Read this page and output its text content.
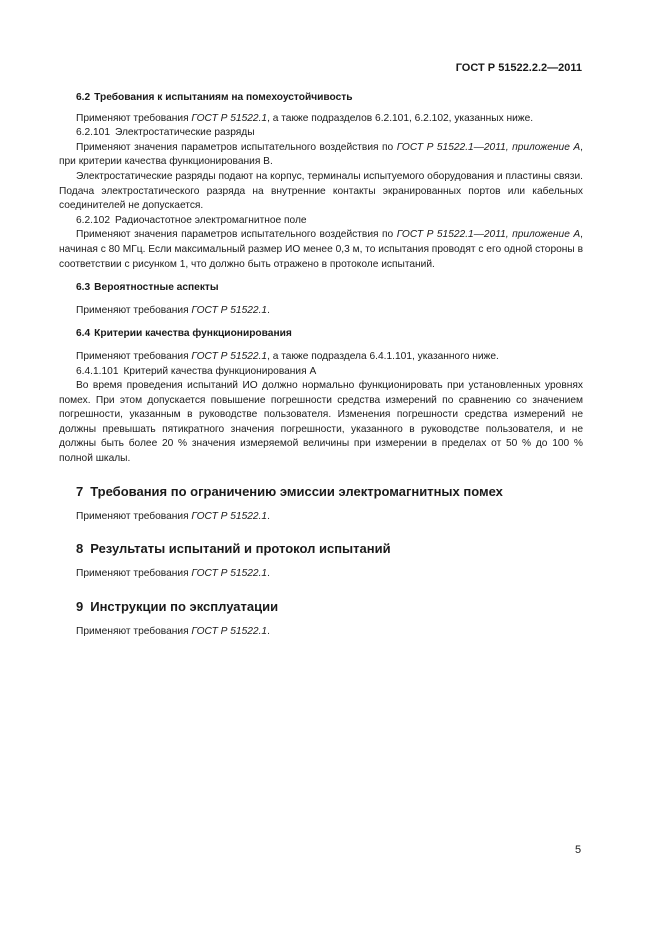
ГОСТ Р 51522.2.2—2011

6.2 Требования к испытаниям на помехоустойчивость

Применяют требования ГОСТ Р 51522.1, а также подразделов 6.2.101, 6.2.102, указанных ниже.

6.2.101 Электростатические разряды

Применяют значения параметров испытательного воздействия по ГОСТ Р 51522.1—2011, приложение А, при критерии качества функционирования В.

Электростатические разряды подают на корпус, терминалы испытуемого оборудования и пластины связи. Подача электростатического разряда на внутренние контакты экранированных портов или кабельных соединителей не допускается.

6.2.102 Радиочастотное электромагнитное поле

Применяют значения параметров испытательного воздействия по ГОСТ Р 51522.1—2011, приложение А, начиная с 80 МГц. Если максимальный размер ИО менее 0,3 м, то испытания проводят с его одной стороны в соответствии с рисунком 1, что должно быть отражено в протоколе испытаний.

6.3 Вероятностные аспекты

Применяют требования ГОСТ Р 51522.1.

6.4 Критерии качества функционирования

Применяют требования ГОСТ Р 51522.1, а также подраздела 6.4.1.101, указанного ниже.

6.4.1.101 Критерий качества функционирования А

Во время проведения испытаний ИО должно нормально функционировать при установленных уровнях помех. При этом допускается повышение погрешности средства измерений по сравнению со значением погрешности, указанным в руководстве пользователя. Изменения погрешности средства измерений не должны превышать пятикратного значения погрешности, указанного в руководстве пользователя, и не должны быть более 20 % значения измеряемой величины при измерении в пределах от 50 % до 100 % полной шкалы.

7 Требования по ограничению эмиссии электромагнитных помех

Применяют требования ГОСТ Р 51522.1.

8 Результаты испытаний и протокол испытаний

Применяют требования ГОСТ Р 51522.1.

9 Инструкции по эксплуатации

Применяют требования ГОСТ Р 51522.1.

5
